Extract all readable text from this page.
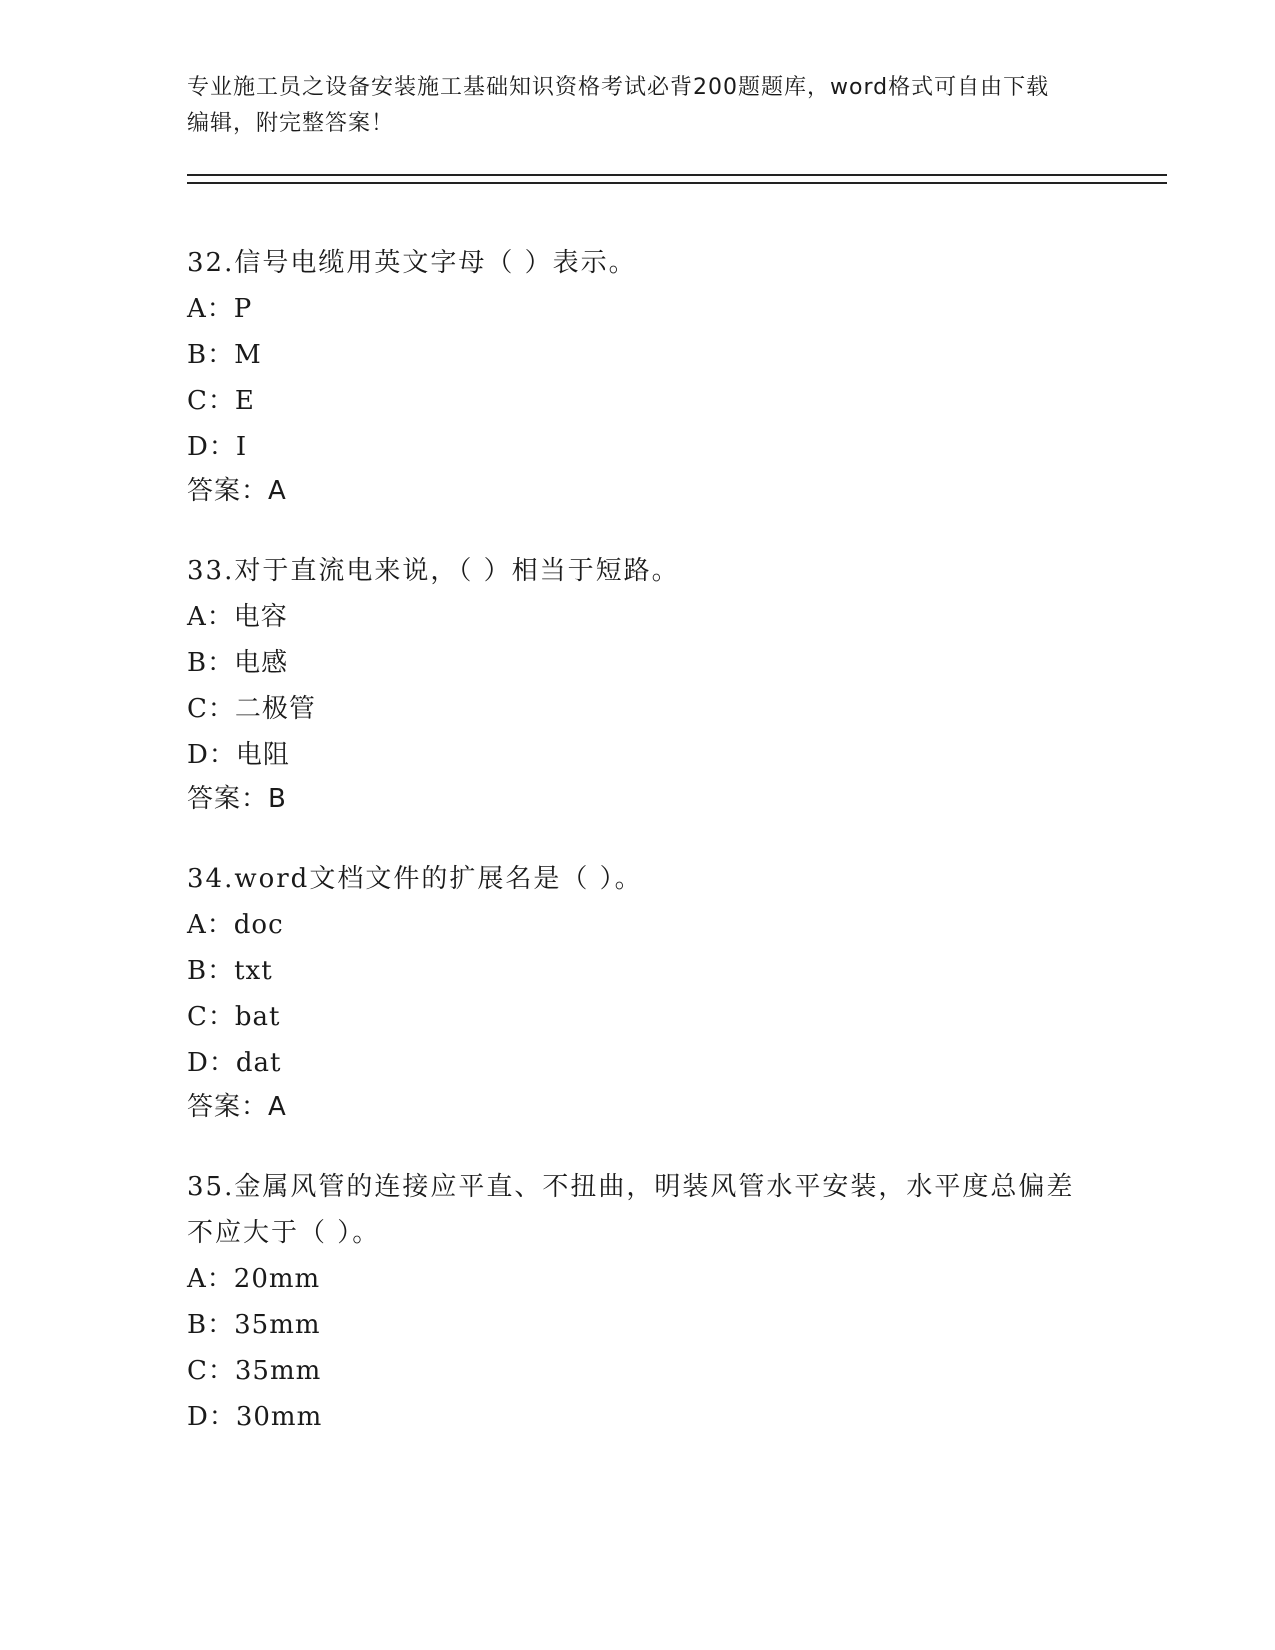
专业施工员之设备安装施工基础知识资格考试必背200题题库，word格式可自由下载编辑，附完整答案！
32.信号电缆用英文字母（ ）表示。
A：P
B：M
C：E
D：I
答案：A
33.对于直流电来说，（ ）相当于短路。
A：电容
B：电感
C：二极管
D：电阻
答案：B
34.word文档文件的扩展名是（ ）。
A：doc
B：txt
C：bat
D：dat
答案：A
35.金属风管的连接应平直、不扭曲，明装风管水平安装，水平度总偏差不应大于（ ）。
A：20mm
B：35mm
C：35mm
D：30mm
